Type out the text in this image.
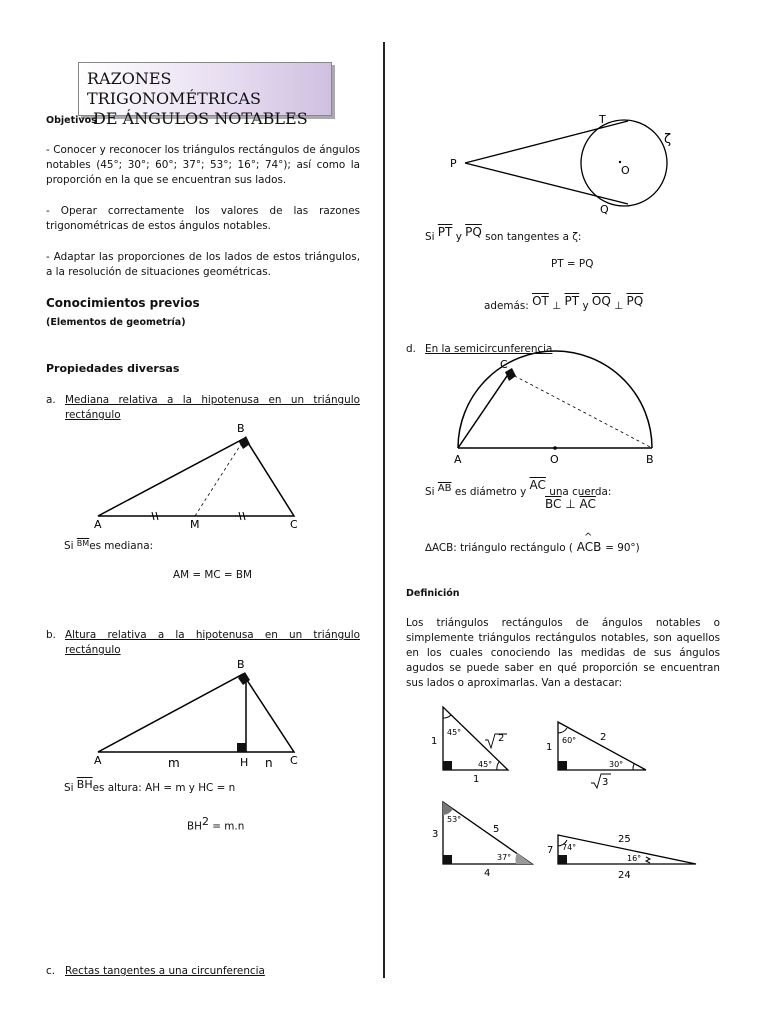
RAZONES TRIGONOMÉTRICAS
DE ÁNGULOS NOTABLES
Objetivos
- Conocer y reconocer los triángulos rectángulos de ángulos notables (45°; 30°; 60°; 37°; 53°; 16°; 74°); así como la proporción en la que se encuentran sus lados.
- Operar correctamente los valores de las razones trigonométricas de estos ángulos notables.
- Adaptar las proporciones de los lados de estos triángulos, a la resolución de situaciones geométricas.
Conocimientos previos
(Elementos de geometría)
Propiedades diversas
a. Mediana relativa a la hipotenusa en un triángulo rectángulo
A
B
C
M
A
B
C
H
m	n
P
T
Q
O
ζ
C
A	O	B
45°
45°
1
1
2	60°
30°
1
2
3
53°
37°
3
4
5
74°
16°
7
25
24
Si $^{\overline{BM}}$es mediana:
AM = MC = BM
b. Altura relativa a la hipotenusa en un triángulo rectángulo
Si $\overline{BH}es$ altura: AH = m y HC = n
$BH^2 = m.n$
c. Rectas tangentes a una circunferencia
Si $\overline{PT}$ y $\overline{PQ}$ son tangentes a ζ:
PT = PQ
además: $\overline{OT}$ ⊥ $\overline{PT}$ y $\overline{OQ}$ ⊥ $\overline{PQ}$
d. En la semicircunferencia
Si $\overline{AB}$ es diámetro y $\overline{AC}$ una cuerda:
$\overline{BC}$ ⊥ $\overline{AC}$
∆ACB: triángulo rectángulo (
^
ACB = 90°)
Definición
Los triángulos rectángulos de ángulos notables o simplemente triángulos rectángulos notables, son aquellos en los cuales conociendo las medidas de sus ángulos agudos se puede saber en qué proporción se encuentran sus lados o aproximarlas. Van a destacar:
